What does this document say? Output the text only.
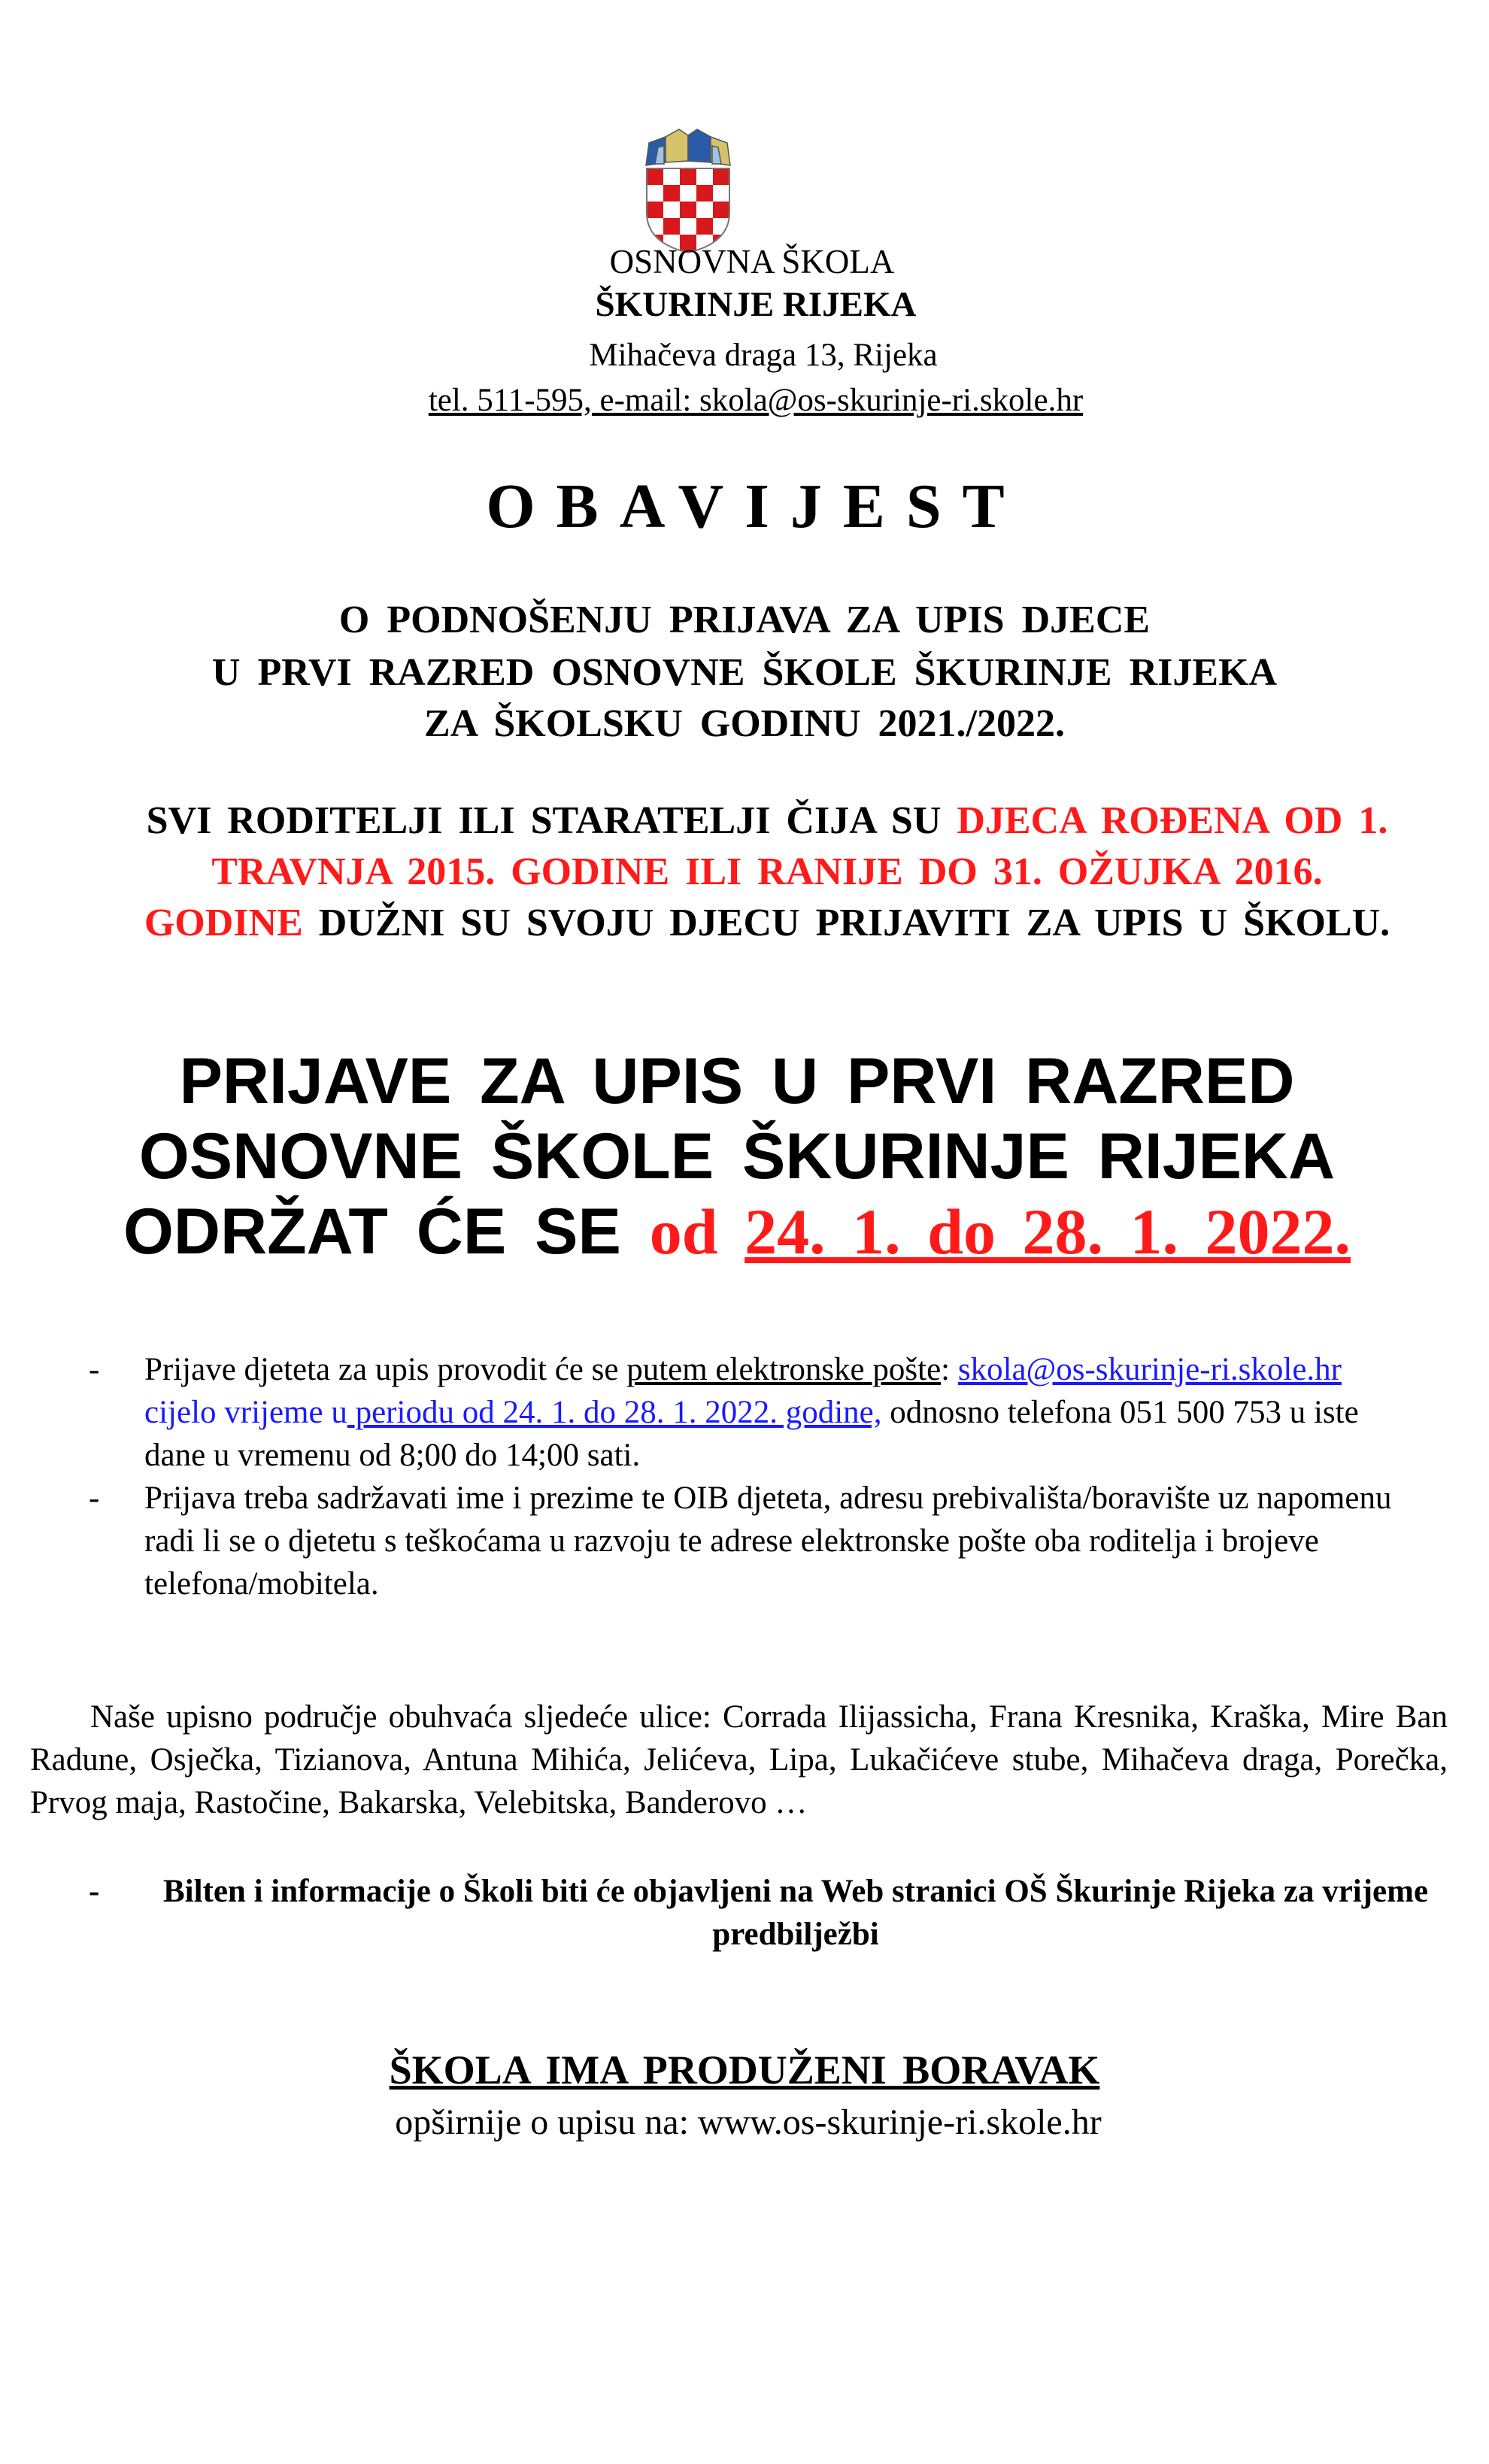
OSNOVNA ŠKOLA
ŠKURINJE RIJEKA
Mihačeva draga 13, Rijeka
tel. 511-595, e-mail: skola@os-skurinje-ri.skole.hr
OBAVIJEST
O PODNOŠENJU PRIJAVA ZA UPIS DJECE
U PRVI RAZRED OSNOVNE ŠKOLE ŠKURINJE RIJEKA
ZA ŠKOLSKU GODINU 2021./2022.
SVI RODITELJI ILI STARATELJI ČIJA SU DJECA ROĐENA OD 1. TRAVNJA 2015. GODINE ILI RANIJE DO 31. OŽUJKA 2016. GODINE DUŽNI SU SVOJU DJECU PRIJAVITI ZA UPIS U ŠKOLU.
PRIJAVE ZA UPIS U PRVI RAZRED
OSNOVNE ŠKOLE ŠKURINJE RIJEKA
ODRŽAT ĆE SE od 24. 1. do 28. 1. 2022.
- Prijave djeteta za upis provodit će se putem elektronske pošte: skola@os-skurinje-ri.skole.hr cijelo vrijeme u periodu od 24. 1. do 28. 1. 2022. godine, odnosno telefona 051 500 753 u iste dane u vremenu od 8;00 do 14;00 sati.
- Prijava treba sadržavati ime i prezime te OIB djeteta, adresu prebivališta/boravište uz napomenu radi li se o djetetu s teškoćama u razvoju te adrese elektronske pošte oba roditelja i brojeve telefona/mobitela.
Naše upisno područje obuhvaća sljedeće ulice: Corrada Ilijassicha, Frana Kresnika, Kraška, Mire Ban Radune, Osječka, Tizianova, Antuna Mihića, Jelićeva, Lipa, Lukačićeve stube, Mihačeva draga, Porečka, Prvog maja, Rastočine, Bakarska, Velebitska, Banderovo …
- Bilten i informacije o Školi biti će objavljeni na Web stranici OŠ Škurinje Rijeka za vrijeme predbilježbi
ŠKOLA IMA PRODUŽENI BORAVAK
opširnije o upisu na: www.os-skurinje-ri.skole.hr
